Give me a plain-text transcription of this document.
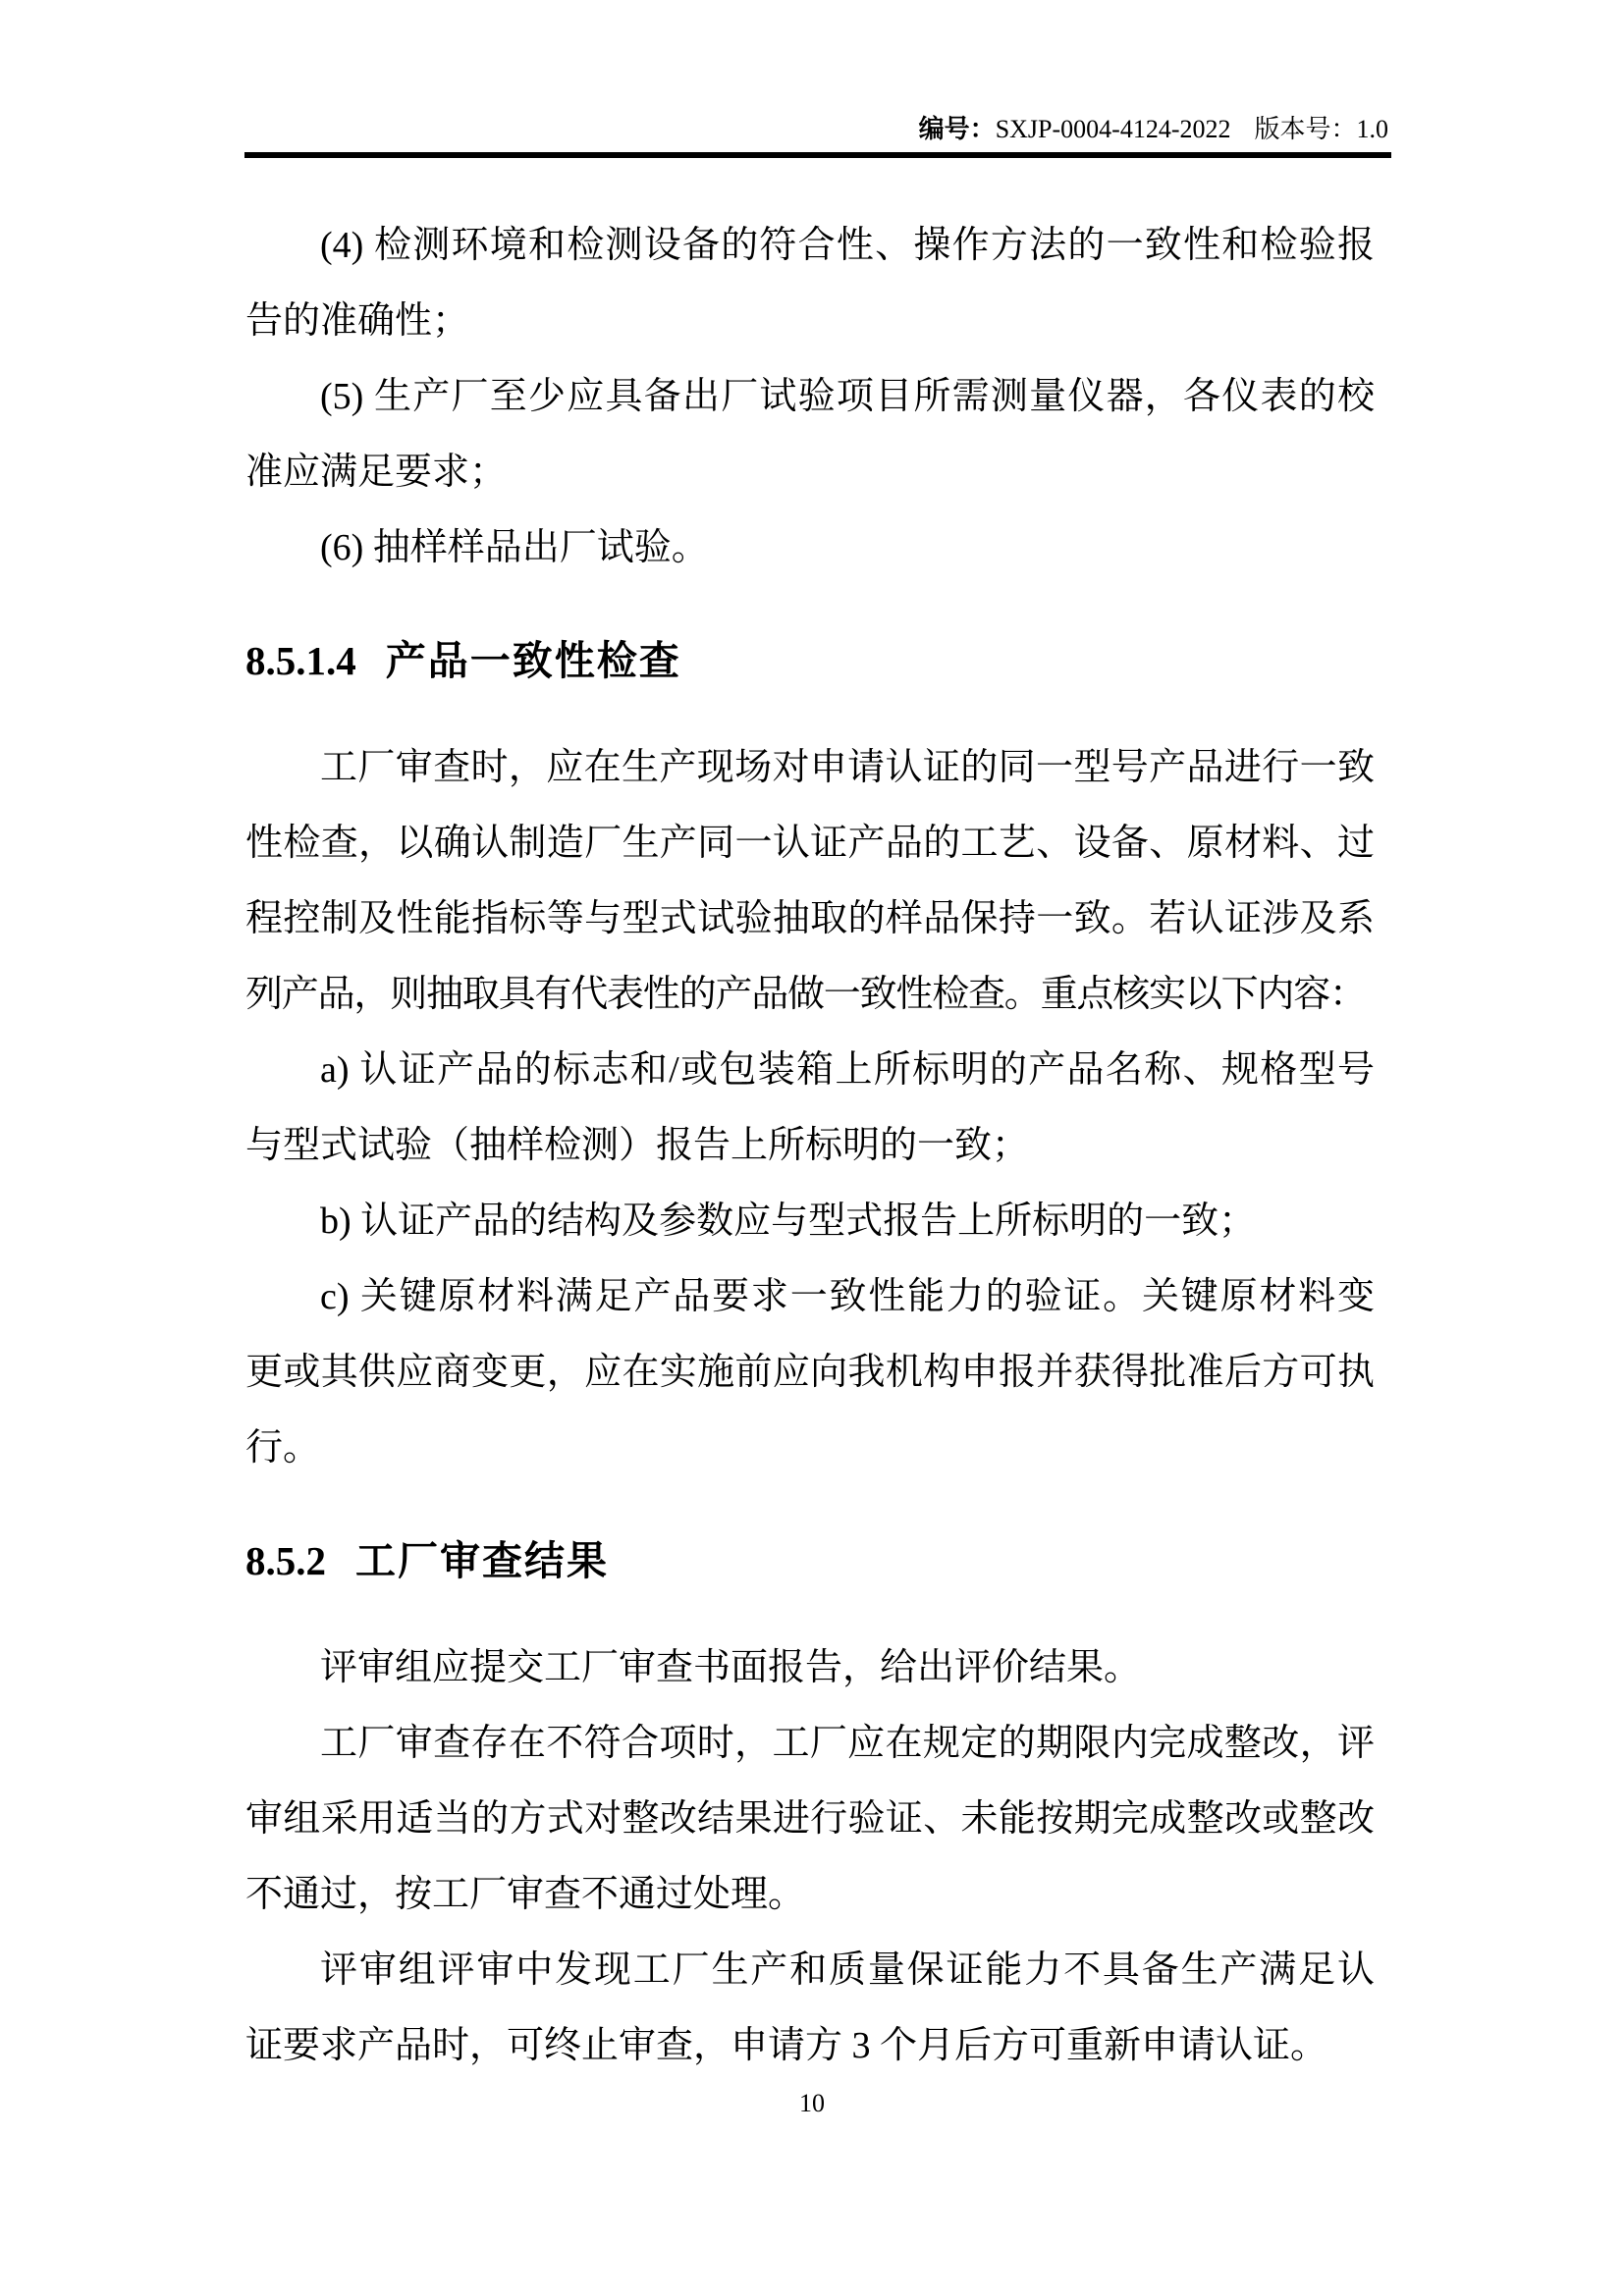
编号：SXJP-0004-4124-2022 版本号：1.0
(4) 检测环境和检测设备的符合性、操作方法的一致性和检验报
告的准确性；
(5) 生产厂至少应具备出厂试验项目所需测量仪器，各仪表的校
准应满足要求；
(6) 抽样样品出厂试验。
8.5.1.4 产品一致性检查
工厂审查时，应在生产现场对申请认证的同一型号产品进行一致
性检查，以确认制造厂生产同一认证产品的工艺、设备、原材料、过
程控制及性能指标等与型式试验抽取的样品保持一致。若认证涉及系
列产品，则抽取具有代表性的产品做一致性检查。重点核实以下内容：
a) 认证产品的标志和/或包装箱上所标明的产品名称、规格型号
与型式试验（抽样检测）报告上所标明的一致；
b) 认证产品的结构及参数应与型式报告上所标明的一致；
c) 关键原材料满足产品要求一致性能力的验证。关键原材料变
更或其供应商变更，应在实施前应向我机构申报并获得批准后方可执
行。
8.5.2 工厂审查结果
评审组应提交工厂审查书面报告，给出评价结果。
工厂审查存在不符合项时，工厂应在规定的期限内完成整改，评
审组采用适当的方式对整改结果进行验证、未能按期完成整改或整改
不通过，按工厂审查不通过处理。
评审组评审中发现工厂生产和质量保证能力不具备生产满足认
证要求产品时，可终止审查，申请方 3 个月后方可重新申请认证。
10
